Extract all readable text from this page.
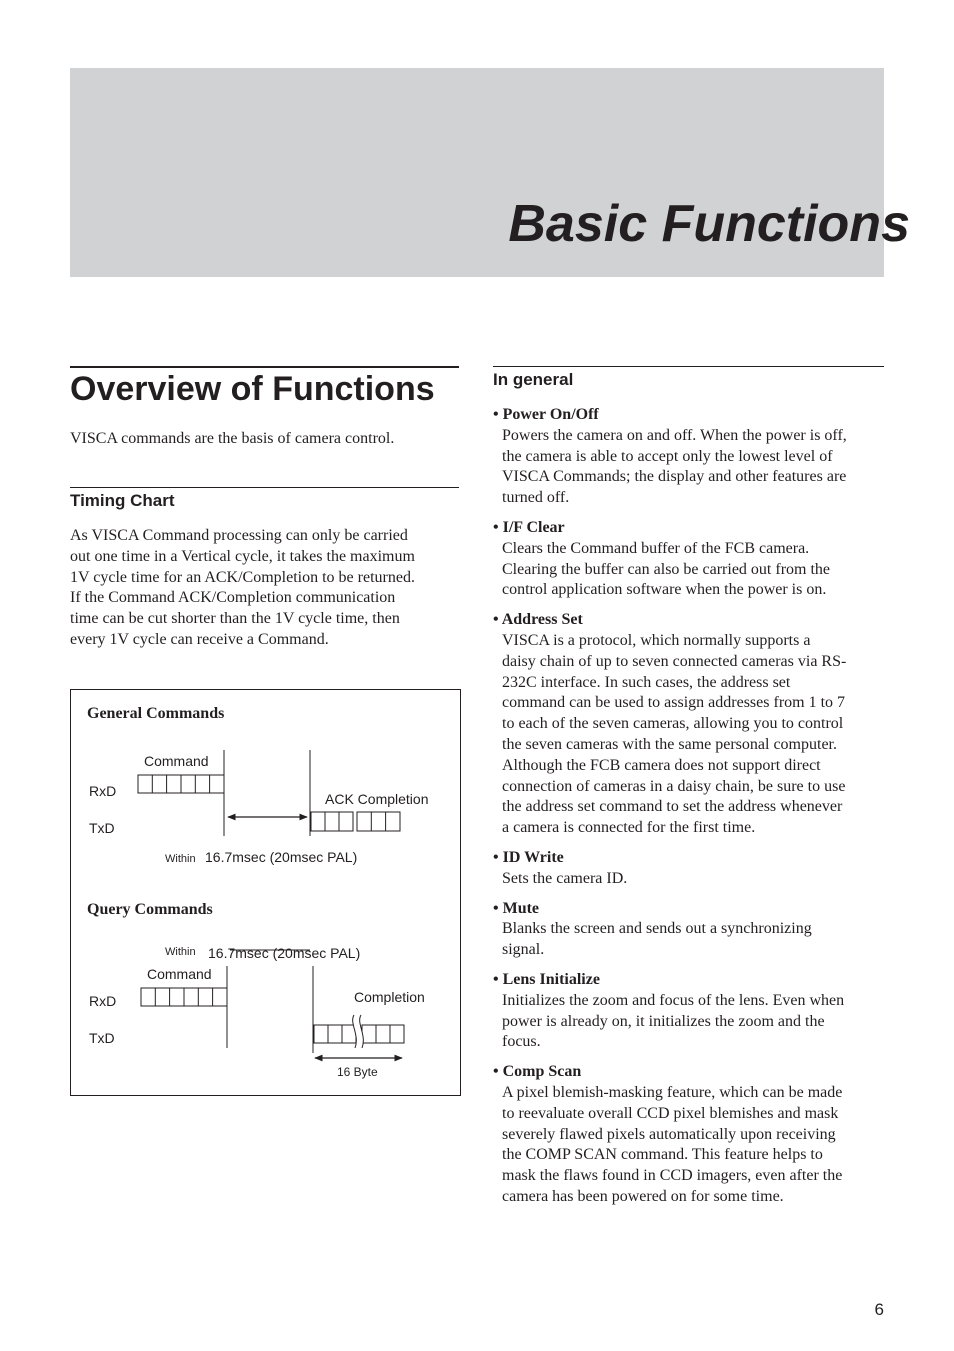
Basic Functions
Overview of Functions

VISCA commands are the basis of camera control.

Timing Chart
As VISCA Command processing can only be carried
out one time in a Vertical cycle, it takes the maximum
1V cycle time for an ACK/Completion to be returned.
If the Command ACK/Completion communication
time can be cut shorter than the 1V cycle time, then
every 1V cycle can receive a Command.
General Commands
Command
RxD
TxD
ACK Completion
Within 16.7msec (20msec PAL)
Query Commands
Within 16.7msec (20msec PAL)
Command
RxD
TxD
Completion
16 Byte
In general
• Power On/Off
Powers the camera on and off. When the power is off,
the camera is able to accept only the lowest level of
VISCA Commands; the display and other features are
turned off.
• I/F Clear
Clears the Command buffer of the FCB camera.
Clearing the buffer can also be carried out from the
control application software when the power is on.
• Address Set
VISCA is a protocol, which normally supports a
daisy chain of up to seven connected cameras via RS-
232C interface. In such cases, the address set
command can be used to assign addresses from 1 to 7
to each of the seven cameras, allowing you to control
the seven cameras with the same personal computer.
Although the FCB camera does not support direct
connection of cameras in a daisy chain, be sure to use
the address set command to set the address whenever
a camera is connected for the first time.
• ID Write
Sets the camera ID.
• Mute
Blanks the screen and sends out a synchronizing
signal.
• Lens Initialize
Initializes the zoom and focus of the lens. Even when
power is already on, it initializes the zoom and the
focus.
• Comp Scan
A pixel blemish-masking feature, which can be made
to reevaluate overall CCD pixel blemishes and mask
severely flawed pixels automatically upon receiving
the COMP SCAN command. This feature helps to
mask the flaws found in CCD imagers, even after the
camera has been powered on for some time.
6
